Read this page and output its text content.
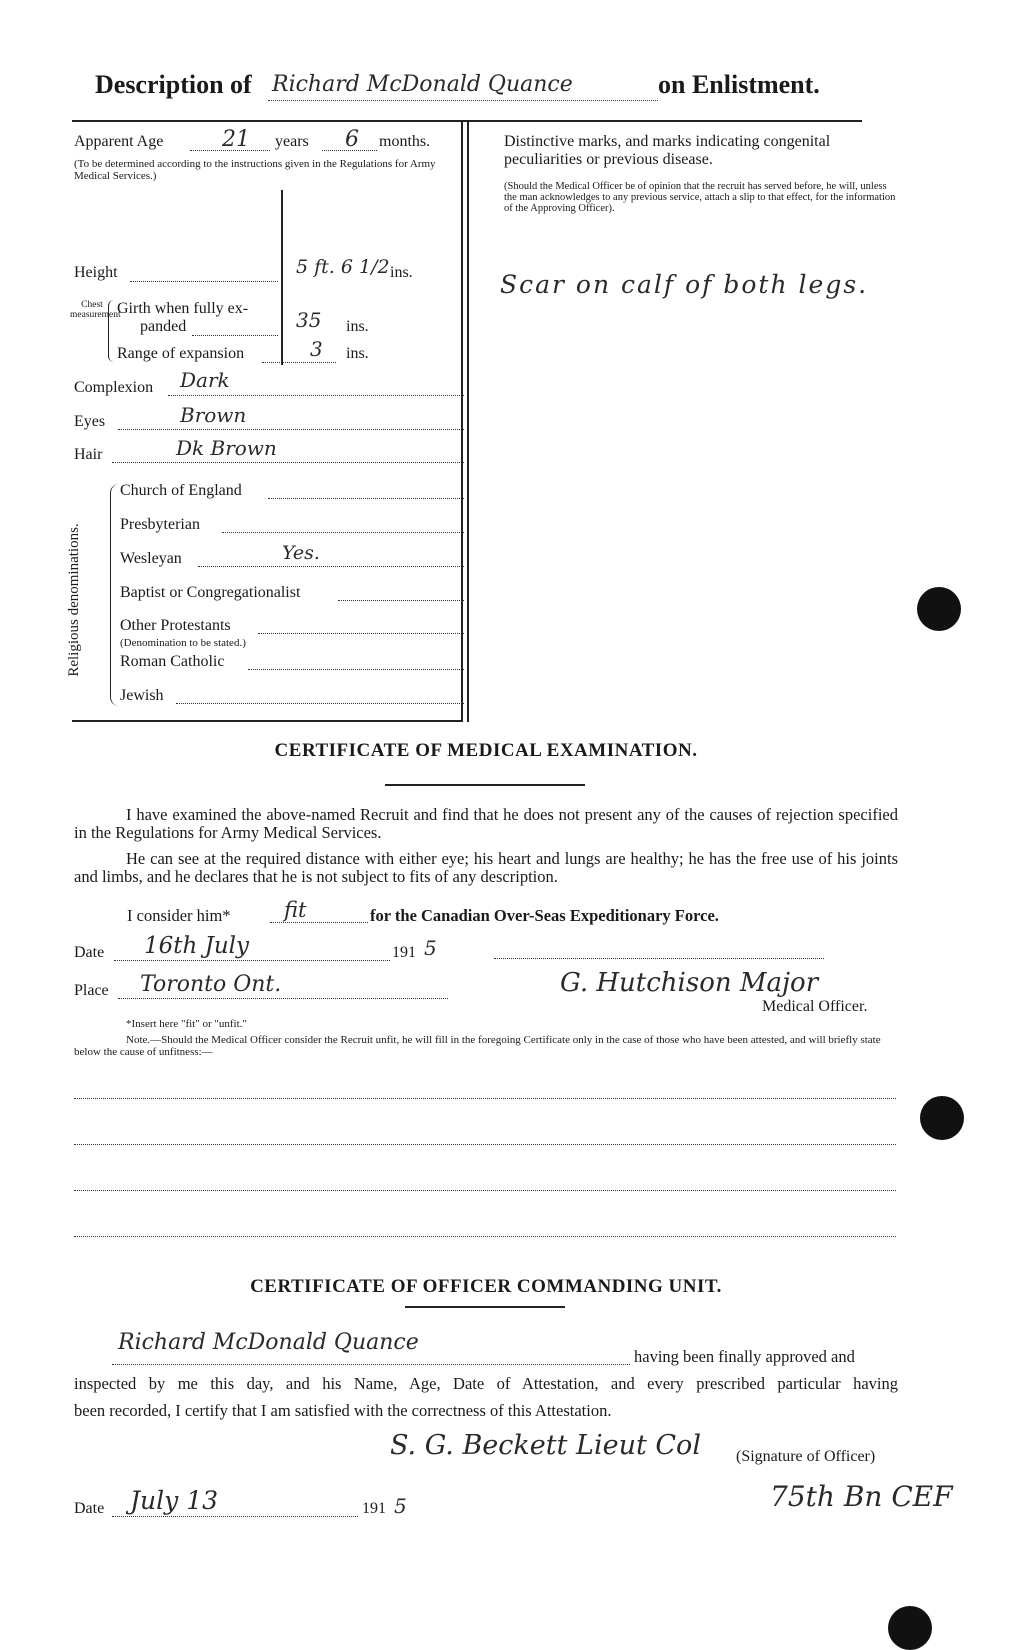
Description of Richard McDonald Quance	on Enlistment.
Apparent Age	21 years 6 months.
(To be determined according to the instructions given in the Regulations for Army Medical Services.)
Height	5 ft. 6 1/2 ins.
Chest measurement
Girth when fully ex-
panded	35 ins.
Range of expansion	3 ins.
Complexion Dark
Eyes	Brown
Hair	Dk Brown
Religious denominations.
Church of England
Presbyterian
Wesleyan	Yes.
Baptist or Congregationalist
Other Protestants
(Denomination to be stated.)
Roman Catholic
Jewish
Distinctive marks, and marks indicating congenital
peculiarities or previous disease.
(Should the Medical Officer be of opinion that the recruit has served before, he will, unless the man acknowledges to any previous service, attach a slip to that effect, for the information of the Approving Officer).
Scar on calf of both legs.
CERTIFICATE OF MEDICAL EXAMINATION.
I have examined the above-named Recruit and find that he does not present any of the causes of rejection specified in the Regulations for Army Medical Services.
He can see at the required distance with either eye; his heart and lungs are healthy; he has the free use of his joints and limbs, and he declares that he is not subject to fits of any description.
I consider him*	fit	for the Canadian Over-Seas Expeditionary Force.
Date 16th July	191 5
Place Toronto Ont.	G. Hutchison Major
Medical Officer.
*Insert here "fit" or "unfit."
Note.—Should the Medical Officer consider the Recruit unfit, he will fill in the foregoing Certificate only in the case of those who have been attested, and will briefly state below the cause of unfitness:—
CERTIFICATE OF OFFICER COMMANDING UNIT.
Richard McDonald Quance
having been finally approved and
inspected by me this day, and his Name, Age, Date of Attestation, and every prescribed particular having
been recorded, I certify that I am satisfied with the correctness of this Attestation.
S. G. Beckett Lieut Col (Signature of Officer)
75th Bn CEF
Date July 13	191 5
